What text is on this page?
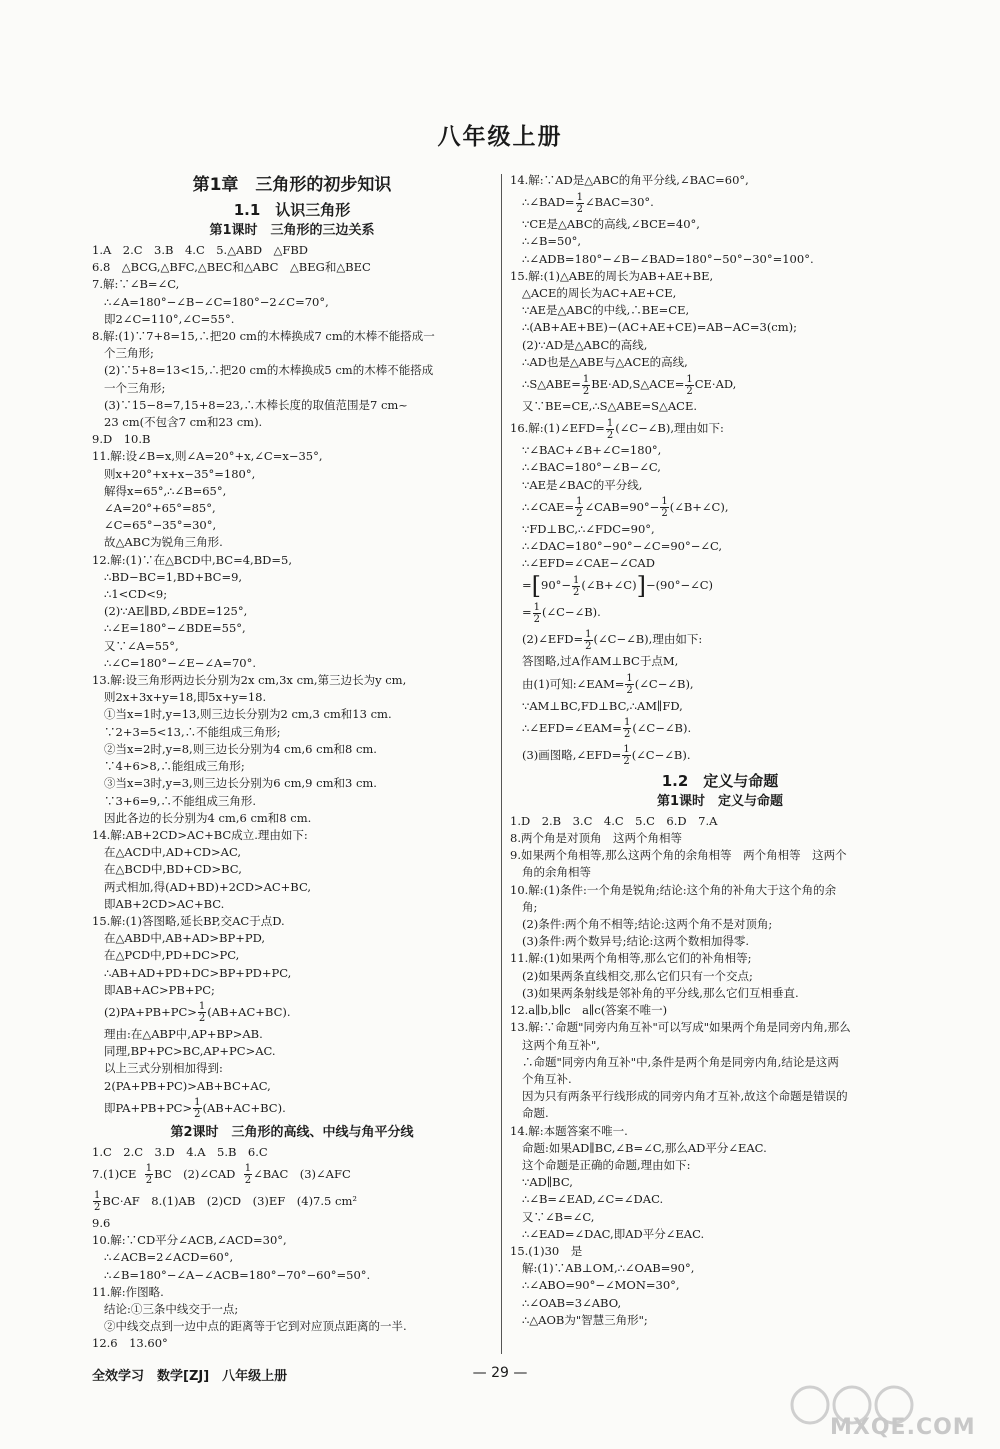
八年级上册
第1章　三角形的初步知识
1.1　认识三角形
第1课时　三角形的三边关系
1.A　2.C　3.B　4.C　5.△ABD　△FBD
6.8　△BCG,△BFC,△BEC和△ABC　△BEG和△BEC
7.解:∵∠B=∠C,
∴∠A=180°−∠B−∠C=180°−2∠C=70°,
即2∠C=110°,∠C=55°.
8.解:(1)∵7+8=15,∴把20 cm的木棒换成7 cm的木棒不能搭成一
个三角形;
(2)∵5+8=13<15,∴把20 cm的木棒换成5 cm的木棒不能搭成
一个三角形;
(3)∵15−8=7,15+8=23,∴木棒长度的取值范围是7 cm~
23 cm(不包含7 cm和23 cm).
9.D　10.B
11.解:设∠B=x,则∠A=20°+x,∠C=x−35°,
则x+20°+x+x−35°=180°,
解得x=65°,∴∠B=65°,
∠A=20°+65°=85°,
∠C=65°−35°=30°,
故△ABC为锐角三角形.
12.解:(1)∵在△BCD中,BC=4,BD=5,
∴BD−BC=1,BD+BC=9,
∴1<CD<9;
(2)∵AE∥BD,∠BDE=125°,
∴∠E=180°−∠BDE=55°,
又∵∠A=55°,
∴∠C=180°−∠E−∠A=70°.
13.解:设三角形两边长分别为2x cm,3x cm,第三边长为y cm,
则2x+3x+y=18,即5x+y=18.
①当x=1时,y=13,则三边长分别为2 cm,3 cm和13 cm.
∵2+3=5<13,∴不能组成三角形;
②当x=2时,y=8,则三边长分别为4 cm,6 cm和8 cm.
∵4+6>8,∴能组成三角形;
③当x=3时,y=3,则三边长分别为6 cm,9 cm和3 cm.
∵3+6=9,∴不能组成三角形.
因此各边的长分别为4 cm,6 cm和8 cm.
14.解:AB+2CD>AC+BC成立.理由如下:
在△ACD中,AD+CD>AC,
在△BCD中,BD+CD>BC,
两式相加,得(AD+BD)+2CD>AC+BC,
即AB+2CD>AC+BC.
15.解:(1)答图略,延长BP,交AC于点D.
在△ABD中,AB+AD>BP+PD,
在△PCD中,PD+DC>PC,
∴AB+AD+PD+DC>BP+PD+PC,
即AB+AC>PB+PC;
$(2)PA+PB+PC> \frac{1}{2} (AB+AC+BC)$.
理由:在△ABP中,AP+BP>AB.
同理,BP+PC>BC,AP+PC>AC.
以上三式分别相加得到:
2(PA+PB+PC)>AB+BC+AC,
即$PA+PB+PC> \frac{1}{2} (AB+AC+BC)$.
第2课时　三角形的高线、中线与角平分线
1.C　2.C　3.D　4.A　5.B　6.C
$7.(1)CE \frac{1}{2}$ BC　(2)∠CAD $\frac{1}{2}$ ∠BAC　(3)∠AFC
$\frac{1}{2} BC\cdot AF$　8.(1)AB　(2)CD　(3)EF　(4)7.5 cm²
9.6
10.解:∵CD平分∠ACB,∠ACD=30°,
∴∠ACB=2∠ACD=60°,
∴∠B=180°−∠A−∠ACB=180°−70°−60°=50°.
11.解:作图略.
结论:①三条中线交于一点;
②中线交点到一边中点的距离等于它到对应顶点距离的一半.
12.6　13.60°
14.解:∵AD是△ABC的角平分线,∠BAC=60°,
∴∠BAD= $\frac{1}{2}$ ∠BAC=30°.
∵CE是△ABC的高线,∠BCE=40°,
∴∠B=50°,
∴∠ADB=180°−∠B−∠BAD=180°−50°−30°=100°.
15.解:(1)△ABE的周长为AB+AE+BE,
△ACE的周长为AC+AE+CE,
∵AE是△ABC的中线,∴BE=CE,
∴(AB+AE+BE)−(AC+AE+CE)=AB−AC=3(cm);
(2)∵AD是△ABC的高线,
∴AD也是△ABE与△ACE的高线,
∴S△ABE= $\frac{1}{2}$ BE·AD,S△ACE= $\frac{1}{2} CE\cdot AD$,
又∵BE=CE,∴S△ABE=S△ACE.
16.解:(1)∠EFD= $\frac{1}{2}$ (∠C−∠B),理由如下:
∵∠BAC+∠B+∠C=180°,
∴∠BAC=180°−∠B−∠C,
∵AE是∠BAC的平分线,
∴∠CAE= $\frac{1}{2}$ ∠CAB=90°− $\frac{1}{2}$ (∠B+∠C),
∵FD⊥BC,∴∠FDC=90°,
∴∠DAC=180°−90°−∠C=90°−∠C,
∴∠EFD=∠CAE−∠CAD
$=[90^\circ- \frac{1}{2}$ (∠B+∠C)]−(90°−∠C)
= $\frac{1}{2}$ (∠C−∠B).
(2)∠EFD= $\frac{1}{2}$ (∠C−∠B),理由如下:
答图略,过A作AM⊥BC于点M,
由(1)可知:∠EAM= $\frac{1}{2}$ (∠C−∠B),
∵AM⊥BC,FD⊥BC,∴AM∥FD,
∴∠EFD=∠EAM= $\frac{1}{2}$ (∠C−∠B).
(3)画图略,∠EFD= $\frac{1}{2}$ (∠C−∠B).
1.2　定义与命题
第1课时　定义与命题
1.D　2.B　3.C　4.C　5.C　6.D　7.A
8.两个角是对顶角　这两个角相等
9.如果两个角相等,那么这两个角的余角相等　两个角相等　这两个
角的余角相等
10.解:(1)条件:一个角是锐角;结论:这个角的补角大于这个角的余
角;
(2)条件:两个角不相等;结论:这两个角不是对顶角;
(3)条件:两个数异号;结论:这两个数相加得零.
11.解:(1)如果两个角相等,那么它们的补角相等;
(2)如果两条直线相交,那么它们只有一个交点;
(3)如果两条射线是邻补角的平分线,那么它们互相垂直.
12.a∥b,b∥c　a∥c(答案不唯一)
13.解:∵命题"同旁内角互补"可以写成"如果两个角是同旁内角,那么
这两个角互补",
∴命题"同旁内角互补"中,条件是两个角是同旁内角,结论是这两
个角互补.
因为只有两条平行线形成的同旁内角才互补,故这个命题是错误的
命题.
14.解:本题答案不唯一.
命题:如果AD∥BC,∠B=∠C,那么AD平分∠EAC.
这个命题是正确的命题,理由如下:
∵AD∥BC,
∴∠B=∠EAD,∠C=∠DAC.
又∵∠B=∠C,
∴∠EAD=∠DAC,即AD平分∠EAC.
15.(1)30　是
解:(1)∵AB⊥OM,∴∠OAB=90°,
∴∠ABO=90°−∠MON=30°,
∴∠OAB=3∠ABO,
∴△AOB为"智慧三角形";
全效学习　数学[ZJ]　八年级上册	— 29 —
MXQE.COM
